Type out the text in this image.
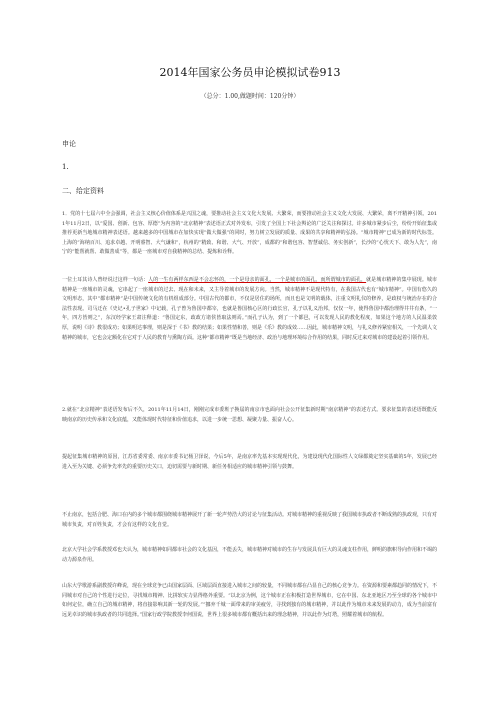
2014年国家公务员申论模拟试卷913
（总分：1.00,做题时间：120分钟）
申论
1.
二、给定资料

1．党的十七届六中全会强调，社会主义核心价值体系是兴国之魂，要推动社会主义文化大发展、大繁荣，而要推动社会主义文化大发展、大繁荣，离不开精神引领。2011年11月2日，以“爱国、创新、包容、厚德”为内容的“北京精神”表述语正式对外发布，引发了全国上下社会舆论的广泛关注和探讨。许多城市紧步后尘，纷纷开始征集或推荐更新当地城市精神表述语。越来越多的中国城市在加快实现“做大做强”的同时，努力树立发展的质量、成果的共享和精神的弘扬。“城市精神”已成为新的时代标签。上海的“海纳百川、追求卓越、开明睿智、大气谦和”，杭州的“精致、和谐、大气、开放”，成都的“和谐包容、智慧诚信、务实创新”，长沙的“心忧天下、敢为人先”，南宁的“能帮就帮、敢做善成”等，都是一座城市对自我精神的总结、提炼和诠释。

一位土耳其诗人曾经说过这样一句话：人的一生有两样东西是不会忘怀的，一个是母亲的面孔，一个是城市的面孔。而所谓城市的面孔，就是城市精神的集中展现。城市精神是一座城市的灵魂，它串起了一座城市的过去、现在和未来，又主导着城市的发展方向。当然，城市精神不是现代特有，在我国古代也有“城市精神”。中国有悠久的文明形态，其中“都市精神”是中国传统文化的有机组成部分。中国古代的都市，不仅是居住的场所，而且也是文明的载体，注重文明礼仪的修养，是政权与统治存在的合法性表现。司马迁在《史记•孔子世家》中记载，孔子曾为鲁国中都宰，也就是鲁国核心区的行政长官，孔子以礼义治邦，仅仅一年，使得鲁国中都治理得井井有条，“一年，四方皆则之”，东汉经学家王肃注释道：“鲁国定东，政政方诸侯皆取法则焉。”而孔子认为，到了一个都邑，可以发现人民的教化程度，如果这个地方的人民温柔敦厚，说明《诗》教很成功；如果明达事理，则是深于《书》教的结果；如果性情和善，则是《乐》教的成效……因此，城市精神文明，与礼义修养紧密相关，一个先调人文精神的城市，它也会定额化在它对于人民的教育与熏陶方面。这种“都市精神”既是当地经济、政治与地理环境综合作用的结果，同时反过来对城市的建设起着引领作用。

2.就在“北京精神”表述语发布后不久，2011年11月14日，刚刚完成市委班子换届的南京市也面向社会公开征集新时期“南京精神”的表述方式。要求征集的表述语既能反映南京的历史传承和文化底蕴，又能体现时代特征和价值追求，以进一步统一思想、凝聚力量、振奋人心。

提起征集城市精神的原因，江苏省委常委、南京市委书记杨卫泽说，今后5年，是南京率先基本实现现代化，为建设现代化国际性人文绿都奠定坚实基础的5年，发展已经进入至为关键、必须争先率先的重要历史关口，迫切需要与新时期、新任务相适应的城市精神引领与鼓舞。

不止南京，包括合肥、海口在内的多个城市都围绕城市精神展开了新一轮声势浩大的讨论与征集活动。对城市精神的重视反映了我国城市执政者不断成熟的执政观，只有对城市负责，对百姓负责，才会有这样的文化自觉。

北京大学社会学系教授邓也夫认为，城市精神如同都市社会的文化基因，不能丢失，城市精神对城市的生存与发展具有巨大的灵魂支柱作用，鲜明的旗帜导向作用和不竭的动力源泉作用。

山东大学歌游系副教授许峰说，现在全球竞争已由国家层面、区域层面直接进入城市之间的较量，不同城市都在凸显自己的核心竞争力。在资源和要素都趋同的情况下，不同城市对自己的个性进行定位，寻找城市精神、比拼软实力显得格外重要。“以北京为例，这个城市正在积极打造世界城市，它在中国、东北亚地区乃至全球的各个城市中如何定位，确立自己的城市精神，将直接影响其新一轮的发展。”“挪弃千城一面带来的审美疲劳，寻找到独有的城市精神，并以此作为城市未来发展的动力，成为当前富有远见卓识的城市执政者的共同选择。”国家行政学院教授李何国说，世界上很多城市都有概括出来的理念精神，并以此作为灯塔，照耀着城市的航程。
